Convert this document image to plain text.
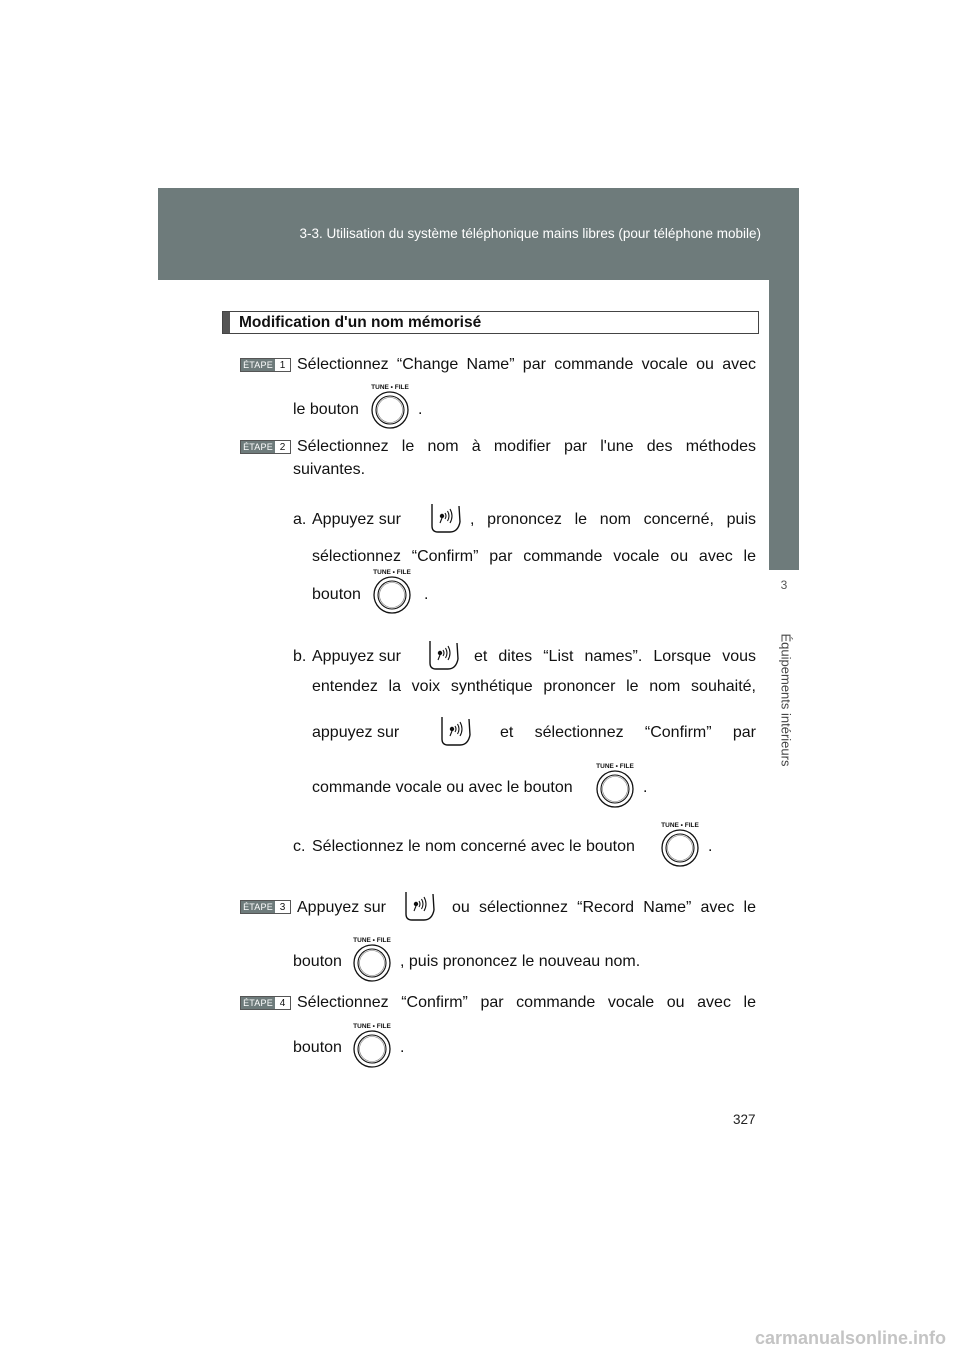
3-3. Utilisation du système téléphonique mains libres (pour téléphone mobile)
3
Équipements intérieurs
Modification d'un nom mémorisé
ÉTAPE 1 Sélectionnez “Change Name” par commande vocale ou avec
le bouton
TUNE • FILE
.
ÉTAPE 2 Sélectionnez le nom à modifier par l'une des méthodes
suivantes.
a. Appuyez sur	, prononcez le nom concerné, puis
sélectionnez “Confirm” par commande vocale ou avec le
bouton
TUNE • FILE
.
b. Appuyez sur	et dites “List names”. Lorsque vous
entendez la voix synthétique prononcer le nom souhaité,
appuyez sur	et sélectionnez “Confirm” par
commande vocale ou avec le bouton
TUNE • FILE
.
c. Sélectionnez le nom concerné avec le bouton
TUNE • FILE
.
ÉTAPE 3 Appuyez sur	ou sélectionnez “Record Name” avec le
bouton
TUNE • FILE
, puis prononcez le nouveau nom.
ÉTAPE 4 Sélectionnez “Confirm” par commande vocale ou avec le
bouton
TUNE • FILE
.
327
carmanualsonline.info
